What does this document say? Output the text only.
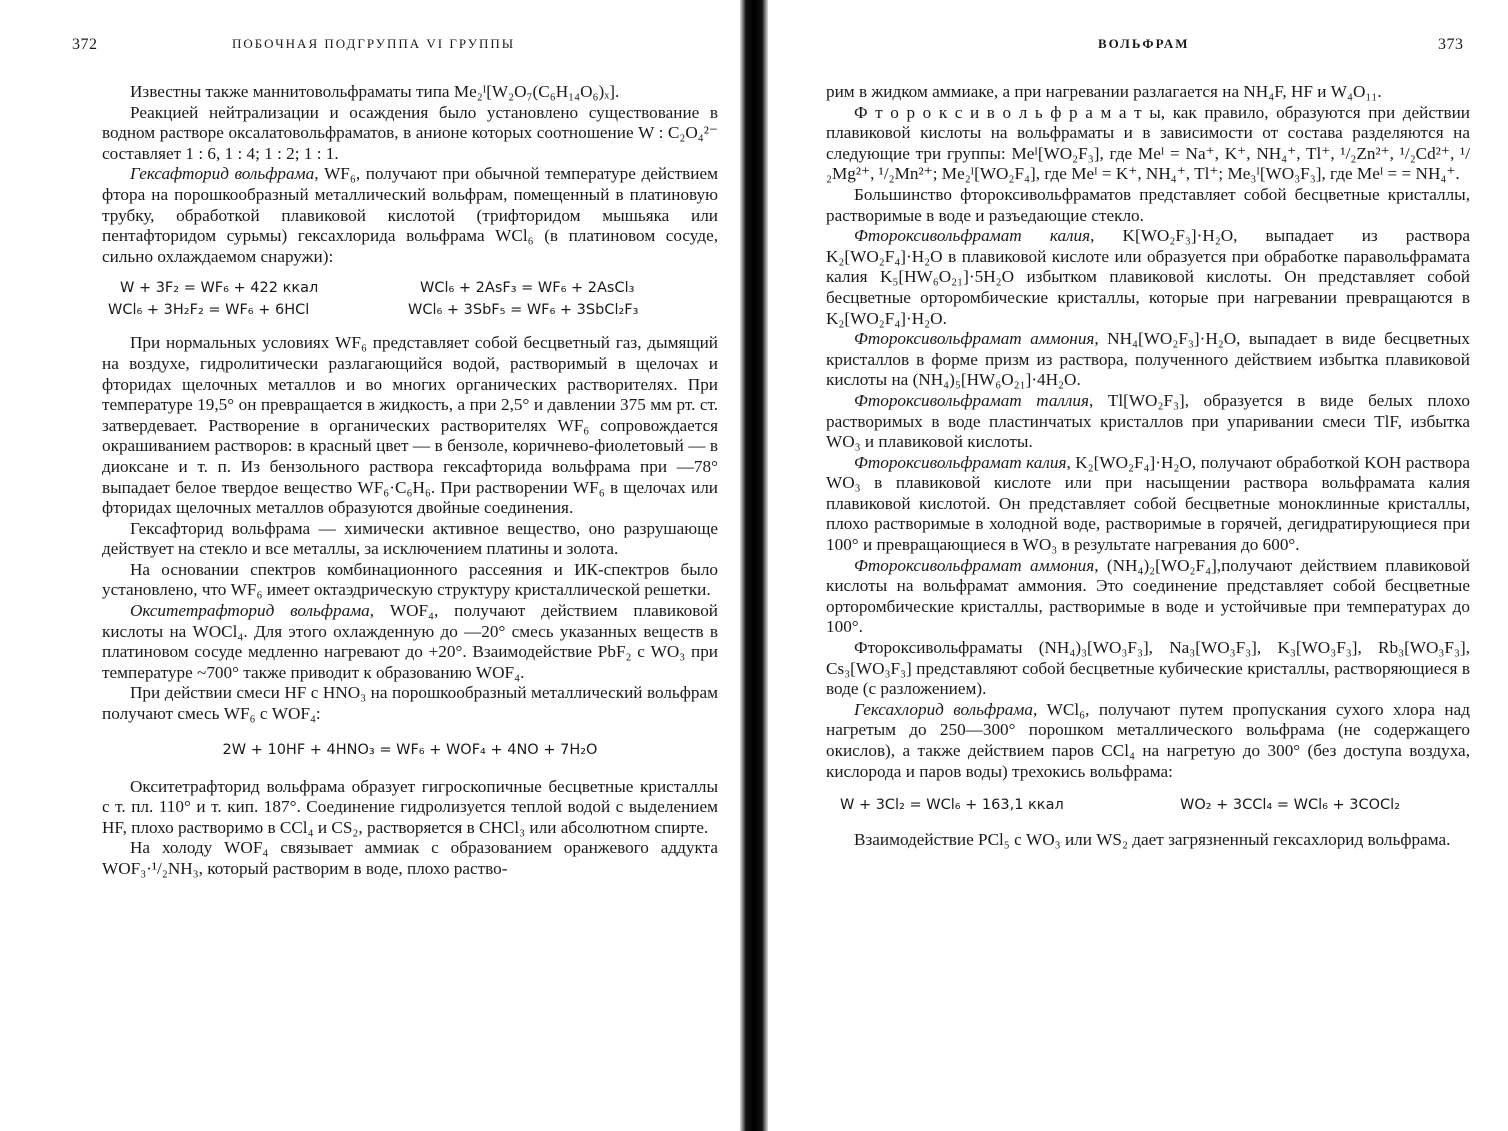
372	ПОБОЧНАЯ ПОДГРУППА VI ГРУППЫ

Известны также маннитовольфраматы типа Me₂ᴵ[W₂O₇(C₆H₁₄O₆)ₓ].

Реакцией нейтрализации и осаждения было установлено существование в водном растворе оксалатовольфраматов, в анионе которых соотношение W : C₂O₄²⁻ составляет 1 : 6, 1 : 4; 1 : 2; 1 : 1.

Гексафторид вольфрама, WF₆, получают при обычной температуре действием фтора на порошкообразный металлический вольфрам, помещенный в платиновую трубку, обработкой плавиковой кислотой (трифторидом мышьяка или пентафторидом сурьмы) гексахлорида вольфрама WCl₆ (в платиновом сосуде, сильно охлаждаемом снаружи):

W + 3F₂ = WF₆ + 422 ккал	WCl₆ + 2AsF₃ = WF₆ + 2AsCl₃
WCl₆ + 3H₂F₂ = WF₆ + 6HCl	WCl₆ + 3SbF₅ = WF₆ + 3SbCl₂F₃

При нормальных условиях WF₆ представляет собой бесцветный газ, дымящий на воздухе, гидролитически разлагающийся водой, растворимый в щелочах и фторидах щелочных металлов и во многих органических растворителях. При температуре 19,5° он превращается в жидкость, а при 2,5° и давлении 375 мм рт. ст. затвердевает. Растворение в органических растворителях WF₆ сопровождается окрашиванием растворов: в красный цвет — в бензоле, коричнево-фиолетовый — в диоксане и т. п. Из бензольного раствора гексафторида вольфрама при —78° выпадает белое твердое вещество WF₆·C₆H₆. При растворении WF₆ в щелочах или фторидах щелочных металлов образуются двойные соединения.

Гексафторид вольфрама — химически активное вещество, оно разрушающе действует на стекло и все металлы, за исключением платины и золота.

На основании спектров комбинационного рассеяния и ИК-спектров было установлено, что WF₆ имеет октаэдрическую структуру кристаллической решетки.

Окситетрафторид вольфрама, WOF₄, получают действием плавиковой кислоты на WOCl₄. Для этого охлажденную до —20° смесь указанных веществ в платиновом сосуде медленно нагревают до +20°. Взаимодействие PbF₂ с WO₃ при температуре ~700° также приводит к образованию WOF₄.

При действии смеси HF с HNO₃ на порошкообразный металлический вольфрам получают смесь WF₆ с WOF₄:

2W + 10HF + 4HNO₃ = WF₆ + WOF₄ + 4NO + 7H₂O

Окситетрафторид вольфрама образует гигроскопичные бесцветные кристаллы с т. пл. 110° и т. кип. 187°. Соединение гидролизуется теплой водой с выделением HF, плохо растворимо в CCl₄ и CS₂, растворяется в CHCl₃ или абсолютном спирте.

На холоду WOF₄ связывает аммиак с образованием оранжевого аддукта WOF₃·¹/₂NH₃, который растворим в воде, плохо раство-

ВОЛЬФРАМ	373

рим в жидком аммиаке, а при нагревании разлагается на NH₄F, HF и W₄O₁₁.

Ф т о р о к с и в о л ь ф р а м а т ы, как правило, образуются при действии плавиковой кислоты на вольфраматы и в зависимости от состава разделяются на следующие три группы: Meᴵ[WO₂F₃], где Meᴵ = Na⁺, K⁺, NH₄⁺, Tl⁺, ¹/₂Zn²⁺, ¹/₂Cd²⁺, ¹/₂Mg²⁺, ¹/₂Mn²⁺; Me₂ᴵ[WO₂F₄], где Meᴵ = K⁺, NH₄⁺, Tl⁺; Me₃ᴵ[WO₃F₃], где Meᴵ = = NH₄⁺.

Большинство фтороксивольфраматов представляет собой бесцветные кристаллы, растворимые в воде и разъедающие стекло.

Фтороксивольфрамат калия, K[WO₂F₃]·H₂O, выпадает из раствора K₂[WO₂F₄]·H₂O в плавиковой кислоте или образуется при обработке паравольфрамата калия K₅[HW₆O₂₁]·5H₂O избытком плавиковой кислоты. Он представляет собой бесцветные орторомбические кристаллы, которые при нагревании превращаются в K₂[WO₂F₄]·H₂O.

Фтороксивольфрамат аммония, NH₄[WO₂F₃]·H₂O, выпадает в виде бесцветных кристаллов в форме призм из раствора, полученного действием избытка плавиковой кислоты на (NH₄)₅[HW₆O₂₁]·4H₂O.

Фтороксивольфрамат таллия, Tl[WO₂F₃], образуется в виде белых плохо растворимых в воде пластинчатых кристаллов при упаривании смеси TlF, избытка WO₃ и плавиковой кислоты.

Фтороксивольфрамат калия, K₂[WO₂F₄]·H₂O, получают обработкой KOH раствора WO₃ в плавиковой кислоте или при насыщении раствора вольфрамата калия плавиковой кислотой. Он представляет собой бесцветные моноклинные кристаллы, плохо растворимые в холодной воде, растворимые в горячей, дегидратирующиеся при 100° и превращающиеся в WO₃ в результате нагревания до 600°.

Фтороксивольфрамат аммония, (NH₄)₂[WO₂F₄],получают действием плавиковой кислоты на вольфрамат аммония. Это соединение представляет собой бесцветные орторомбические кристаллы, растворимые в воде и устойчивые при температурах до 100°.

Фтороксивольфраматы (NH₄)₃[WO₃F₃], Na₃[WO₃F₃], K₃[WO₃F₃], Rb₃[WO₃F₃], Cs₃[WO₃F₃] представляют собой бесцветные кубические кристаллы, растворяющиеся в воде (с разложением).

Гексахлорид вольфрама, WCl₆, получают путем пропускания сухого хлора над нагретым до 250—300° порошком металлического вольфрама (не содержащего окислов), а также действием паров CCl₄ на нагретую до 300° (без доступа воздуха, кислорода и паров воды) трехокись вольфрама:

W + 3Cl₂ = WCl₆ + 163,1 ккал	WO₂ + 3CCl₄ = WCl₆ + 3COCl₂

Взаимодействие PCl₅ с WO₃ или WS₂ дает загрязненный гексахлорид вольфрама.
